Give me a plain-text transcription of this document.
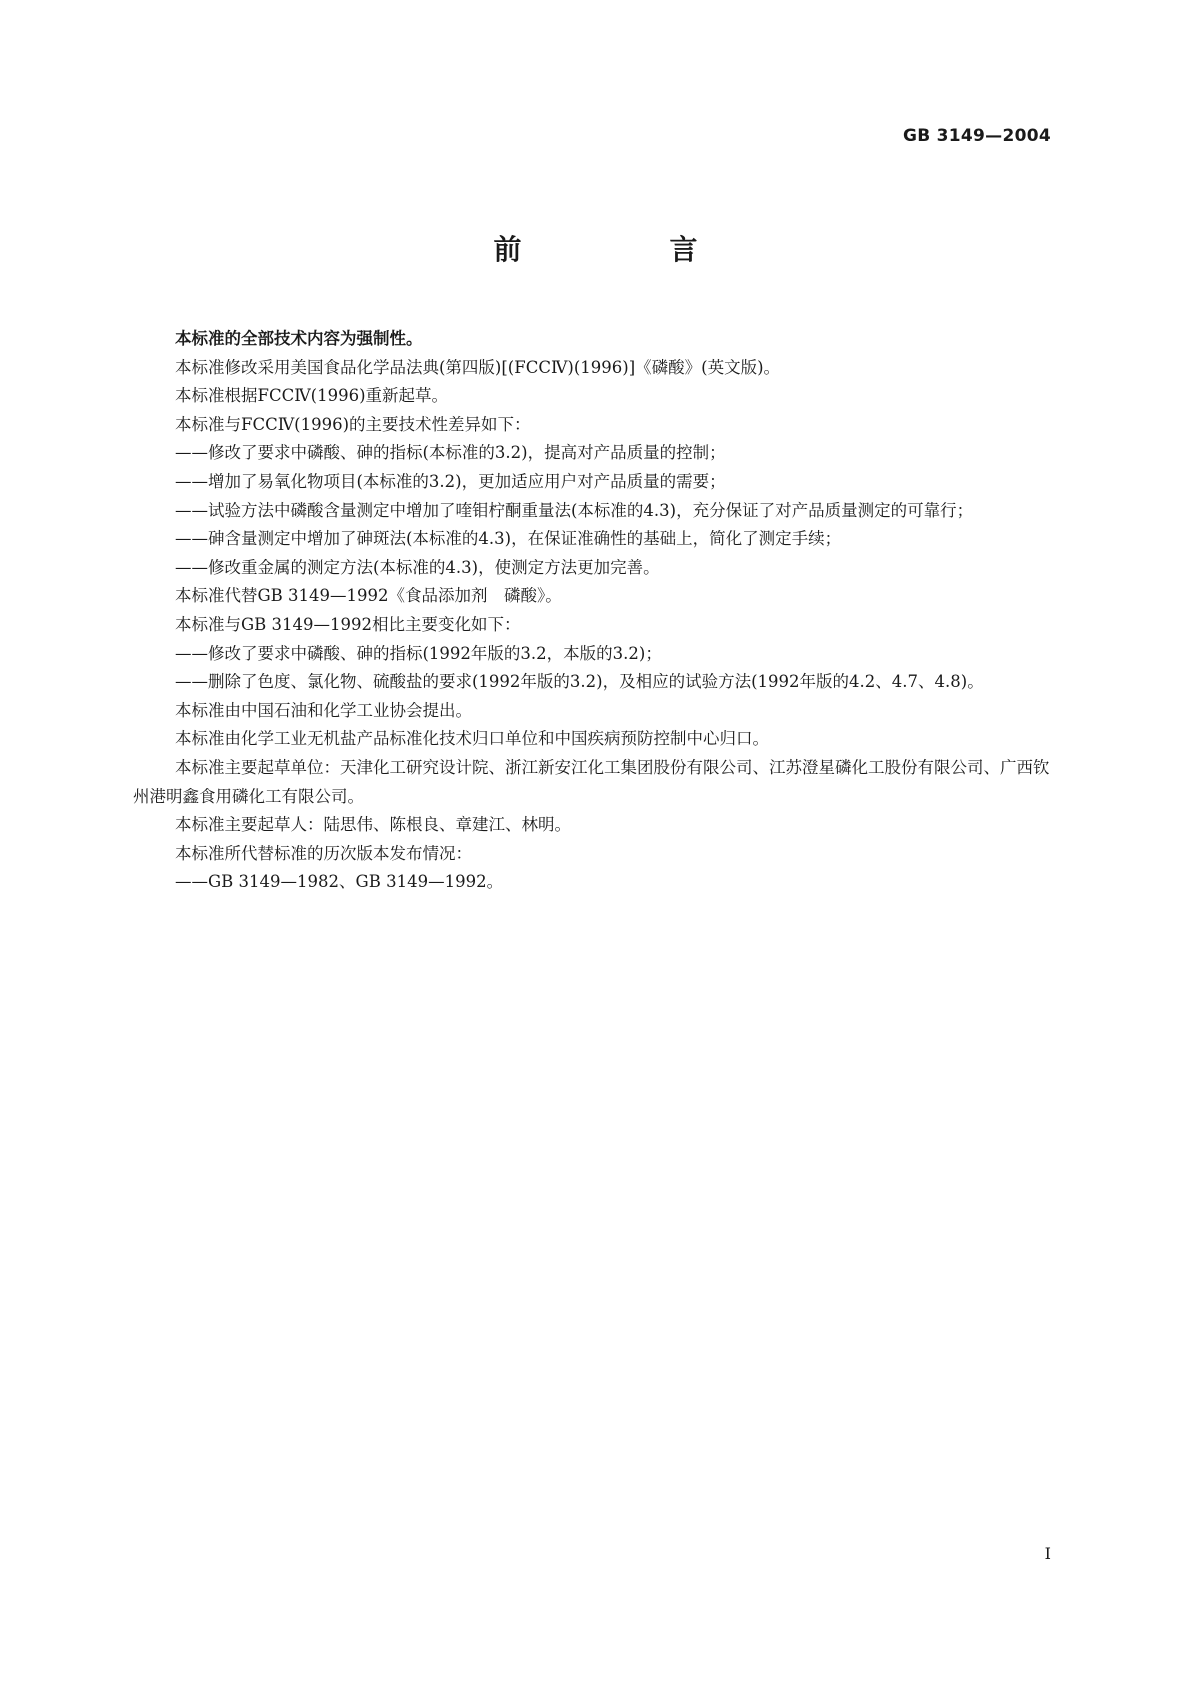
GB 3149—2004
前　言

本标准的全部技术内容为强制性。

本标准修改采用美国食品化学品法典(第四版)[(FCCⅣ)(1996)]《磷酸》(英文版)。

本标准根据FCCⅣ(1996)重新起草。

本标准与FCCⅣ(1996)的主要技术性差异如下：

——修改了要求中磷酸、砷的指标(本标准的3.2)，提高对产品质量的控制；

——增加了易氧化物项目(本标准的3.2)，更加适应用户对产品质量的需要；

——试验方法中磷酸含量测定中增加了喹钼柠酮重量法(本标准的4.3)，充分保证了对产品质量测定的可靠行；

——砷含量测定中增加了砷斑法(本标准的4.3)，在保证准确性的基础上，简化了测定手续；

——修改重金属的测定方法(本标准的4.3)，使测定方法更加完善。

本标准代替GB 3149—1992《食品添加剂　磷酸》。

本标准与GB 3149—1992相比主要变化如下：

——修改了要求中磷酸、砷的指标(1992年版的3.2，本版的3.2)；

——删除了色度、氯化物、硫酸盐的要求(1992年版的3.2)，及相应的试验方法(1992年版的4.2、4.7、4.8)。

本标准由中国石油和化学工业协会提出。

本标准由化学工业无机盐产品标准化技术归口单位和中国疾病预防控制中心归口。

本标准主要起草单位：天津化工研究设计院、浙江新安江化工集团股份有限公司、江苏澄星磷化工股份有限公司、广西钦州港明鑫食用磷化工有限公司。

本标准主要起草人：陆思伟、陈根良、章建江、林明。

本标准所代替标准的历次版本发布情况：

——GB 3149—1982、GB 3149—1992。

Ⅰ
